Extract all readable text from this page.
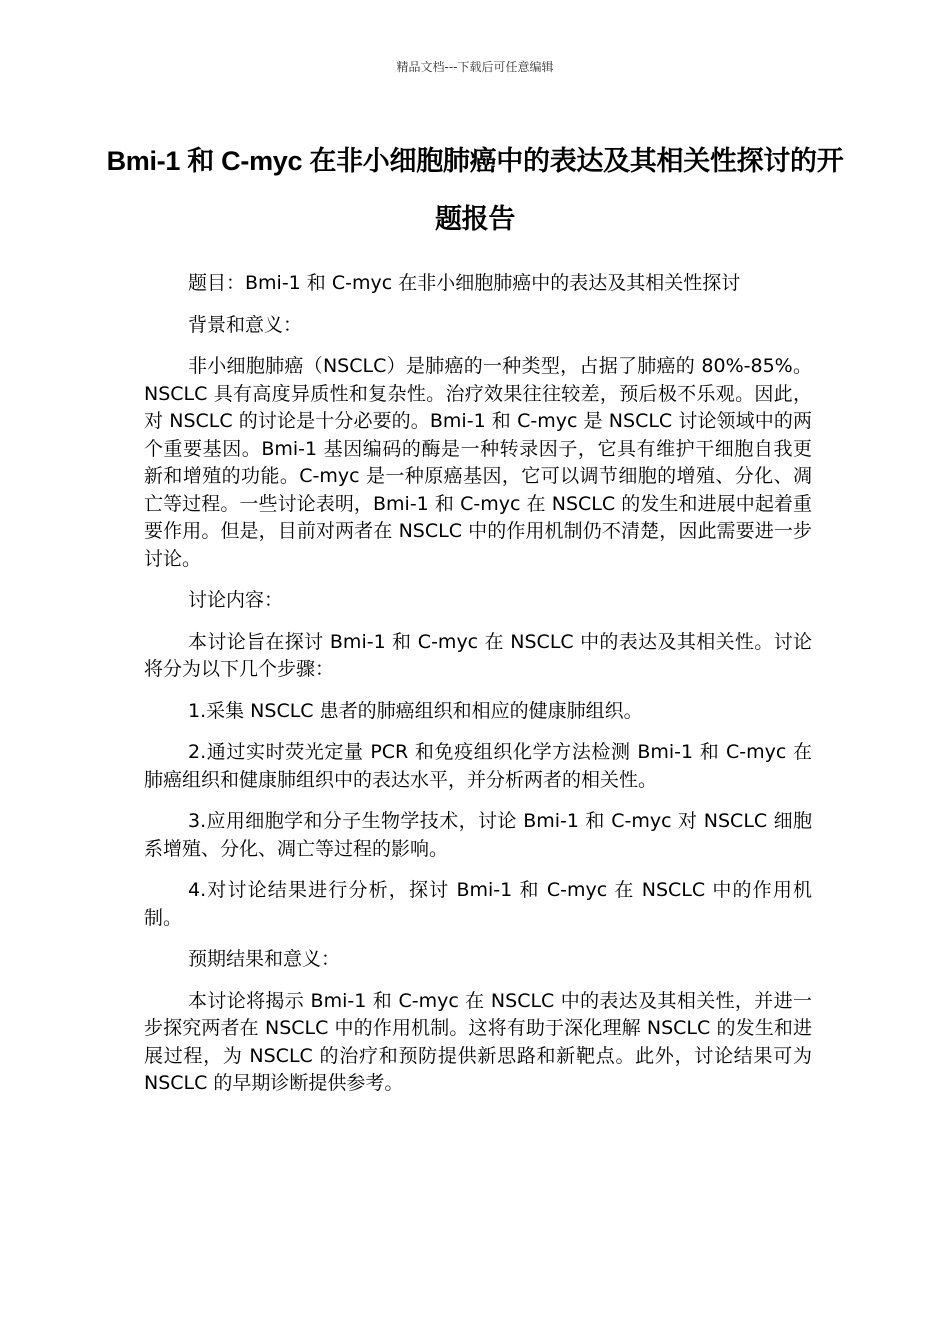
精品文档---下载后可任意编辑
Bmi-1 和 C-myc 在非小细胞肺癌中的表达及其相关性探讨的开题报告

题目：Bmi-1 和 C-myc 在非小细胞肺癌中的表达及其相关性探讨

背景和意义：

非小细胞肺癌（NSCLC）是肺癌的一种类型，占据了肺癌的 80%-85%。NSCLC 具有高度异质性和复杂性。治疗效果往往较差，预后极不乐观。因此，对 NSCLC 的讨论是十分必要的。Bmi-1 和 C-myc 是 NSCLC 讨论领域中的两个重要基因。Bmi-1 基因编码的酶是一种转录因子，它具有维护干细胞自我更新和增殖的功能。C-myc 是一种原癌基因，它可以调节细胞的增殖、分化、凋亡等过程。一些讨论表明，Bmi-1 和 C-myc 在 NSCLC 的发生和进展中起着重要作用。但是，目前对两者在 NSCLC 中的作用机制仍不清楚，因此需要进一步讨论。

讨论内容：

本讨论旨在探讨 Bmi-1 和 C-myc 在 NSCLC 中的表达及其相关性。讨论将分为以下几个步骤：

1.采集 NSCLC 患者的肺癌组织和相应的健康肺组织。

2.通过实时荧光定量 PCR 和免疫组织化学方法检测 Bmi-1 和 C-myc 在肺癌组织和健康肺组织中的表达水平，并分析两者的相关性。

3.应用细胞学和分子生物学技术，讨论 Bmi-1 和 C-myc 对 NSCLC 细胞系增殖、分化、凋亡等过程的影响。

4.对讨论结果进行分析，探讨 Bmi-1 和 C-myc 在 NSCLC 中的作用机制。

预期结果和意义：

本讨论将揭示 Bmi-1 和 C-myc 在 NSCLC 中的表达及其相关性，并进一步探究两者在 NSCLC 中的作用机制。这将有助于深化理解 NSCLC 的发生和进展过程，为 NSCLC 的治疗和预防提供新思路和新靶点。此外，讨论结果可为 NSCLC 的早期诊断提供参考。
